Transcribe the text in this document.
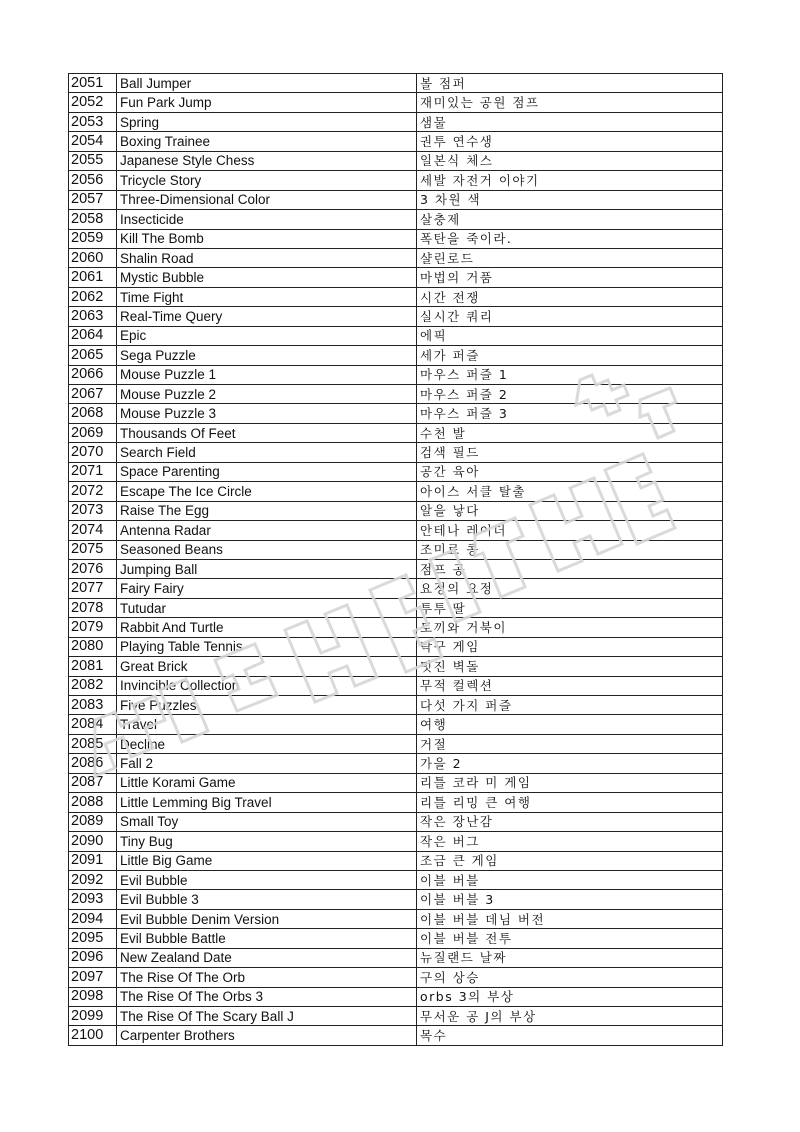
2051	Ball Jumper	볼 점퍼
2052	Fun Park Jump	재미있는 공원 점프
2053	Spring	샘물
2054	Boxing Trainee	권투 연수생
2055	Japanese Style Chess	일본식 체스
2056	Tricycle Story	세발 자전거 이야기
2057	Three-Dimensional Color	3 차원 색
2058	Insecticide	살충제
2059	Kill The Bomb	폭탄을 죽이라.
2060	Shalin Road	샬린로드
2061	Mystic Bubble	마법의 거품
2062	Time Fight	시간 전쟁
2063	Real-Time Query	실시간 쿼리
2064	Epic	에픽
2065	Sega Puzzle	세가 퍼즐
2066	Mouse Puzzle 1	마우스 퍼즐 1
2067	Mouse Puzzle 2	마우스 퍼즐 2
2068	Mouse Puzzle 3	마우스 퍼즐 3
2069	Thousands Of Feet	수천 발
2070	Search Field	검색 필드
2071	Space Parenting	공간 육아
2072	Escape The Ice Circle	아이스 서클 탈출
2073	Raise The Egg	알을 낳다
2074	Antenna Radar	안테나 레이더
2075	Seasoned Beans	조미료 콩
2076	Jumping Ball	점프 공
2077	Fairy Fairy	요정의 요정
2078	Tutudar	투투 딸
2079	Rabbit And Turtle	토끼와 거북이
2080	Playing Table Tennis	탁구 게임
2081	Great Brick	멋진 벽돌
2082	Invincible Collection	무적 컬렉션
2083	Five Puzzles	다섯 가지 퍼즐
2084	Travel	여행
2085	Decline	거절
2086	Fall 2	가을 2
2087	Little Korami Game	리틀 코라 미 게임
2088	Little Lemming Big Travel	리틀 리밍 큰 여행
2089	Small Toy	작은 장난감
2090	Tiny Bug	작은 버그
2091	Little Big Game	조금 큰 게임
2092	Evil Bubble	이블 버블
2093	Evil Bubble 3	이블 버블 3
2094	Evil Bubble Denim Version	이블 버블 데님 버전
2095	Evil Bubble Battle	이블 버블 전투
2096	New Zealand Date	뉴질랜드 날짜
2097	The Rise Of The Orb	구의 상승
2098	The Rise Of The Orbs 3	orbs 3의 부상
2099	The Rise Of The Scary Ball J	무서운 공 J의 부상
2100	Carpenter Brothers	목수
